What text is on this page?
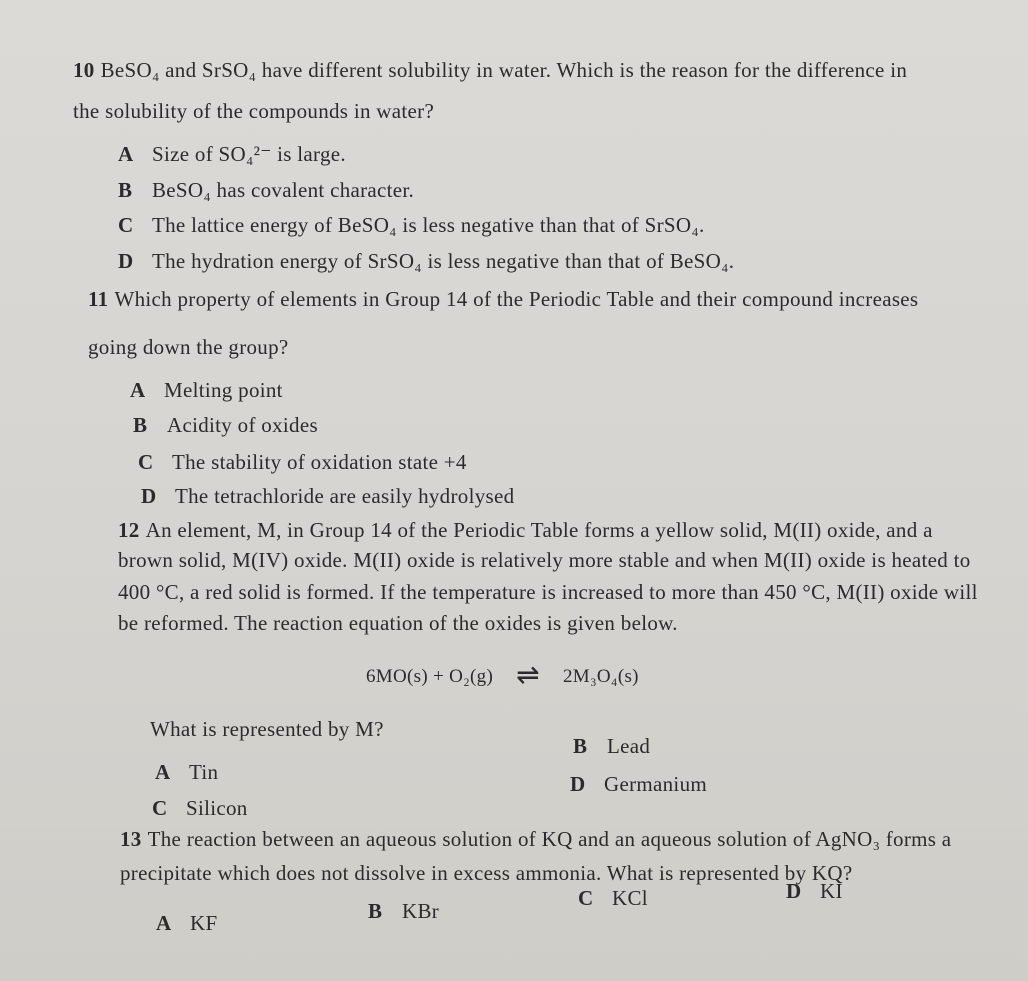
10 BeSO₄ and SrSO₄ have different solubility in water. Which is the reason for the difference in
the solubility of the compounds in water?
A Size of SO₄²⁻ is large.
B BeSO₄ has covalent character.
C The lattice energy of BeSO₄ is less negative than that of SrSO₄.
D The hydration energy of SrSO₄ is less negative than that of BeSO₄.
11 Which property of elements in Group 14 of the Periodic Table and their compound increases
going down the group?
A Melting point
B Acidity of oxides
C The stability of oxidation state +4
D The tetrachloride are easily hydrolysed
12 An element, M, in Group 14 of the Periodic Table forms a yellow solid, M(II) oxide, and a
brown solid, M(IV) oxide. M(II) oxide is relatively more stable and when M(II) oxide is heated to
400 °C, a red solid is formed. If the temperature is increased to more than 450 °C, M(II) oxide will
be reformed. The reaction equation of the oxides is given below.
6MO(s) + O₂(g) ⇌ 2M₃O₄(s)
What is represented by M?
B Lead
A Tin	D Germanium
C Silicon
13 The reaction between an aqueous solution of KQ and an aqueous solution of AgNO₃ forms a
precipitate which does not dissolve in excess ammonia. What is represented by KQ?
C KCl	D KI
B KBr
A KF
